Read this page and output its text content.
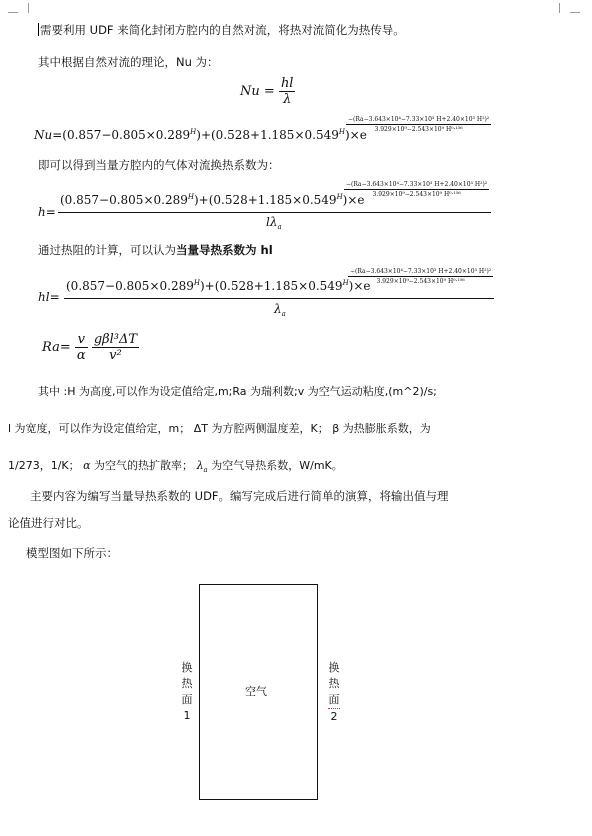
需要利用 UDF 来简化封闭方腔内的自然对流，将热对流简化为热传导。
其中根据自然对流的理论，Nu 为：
$Nu = \frac{hl}{\lambda}$
$Nu=(0.857-0.805\times 0.289^H)+(0.528+1.185\times 0.549^H)\times e$
−(Ra−3.643×10⁴−7.33×10³ H+2.40×10³ H²)²
3.929×10⁹−2.543×10⁹ H⁰·¹⁵⁶
即可以得到当量方腔内的气体对流换热系数为：
h=
$(0.857-0.805\times 0.289^H)+(0.528+1.185\times 0.549^H)\times e$
−(Ra−3.643×10⁴−7.33×10³ H+2.40×10³ H²)²
3.929×10⁹−2.543×10⁹ H⁰·¹⁵⁶
$l\lambda_a$
通过热阻的计算，可以认为当量导热系数为 hl
hl=
$(0.857-0.805\times 0.289^H)+(0.528+1.185\times 0.549^H)\times e$
−(Ra−3.643×10⁴−7.33×10³ H+2.40×10³ H²)²
3.929×10⁹−2.543×10⁹ H⁰·¹⁵⁶
$\lambda_a$
$Ra= \frac{v}{\alpha}$
$\frac{\text{gβl³ΔT}}{\text{v²}}$
其中 :H 为高度,可以作为设定值给定,m;Ra 为瑞利数;v 为空气运动粘度,(m^2)/s;
l 为宽度，可以作为设定值给定，m； ΔT 为方腔两侧温度差，K； β 为热膨胀系数，为
1/273，1/K； α 为空气的热扩散率； $\lambda_a$ 为空气导热系数，W/mK。
主要内容为编写当量导热系数的 UDF。编写完成后进行简单的演算，将输出值与理
论值进行对比。
模型图如下所示：
换
热
面
1
换
热
面
2
空气
